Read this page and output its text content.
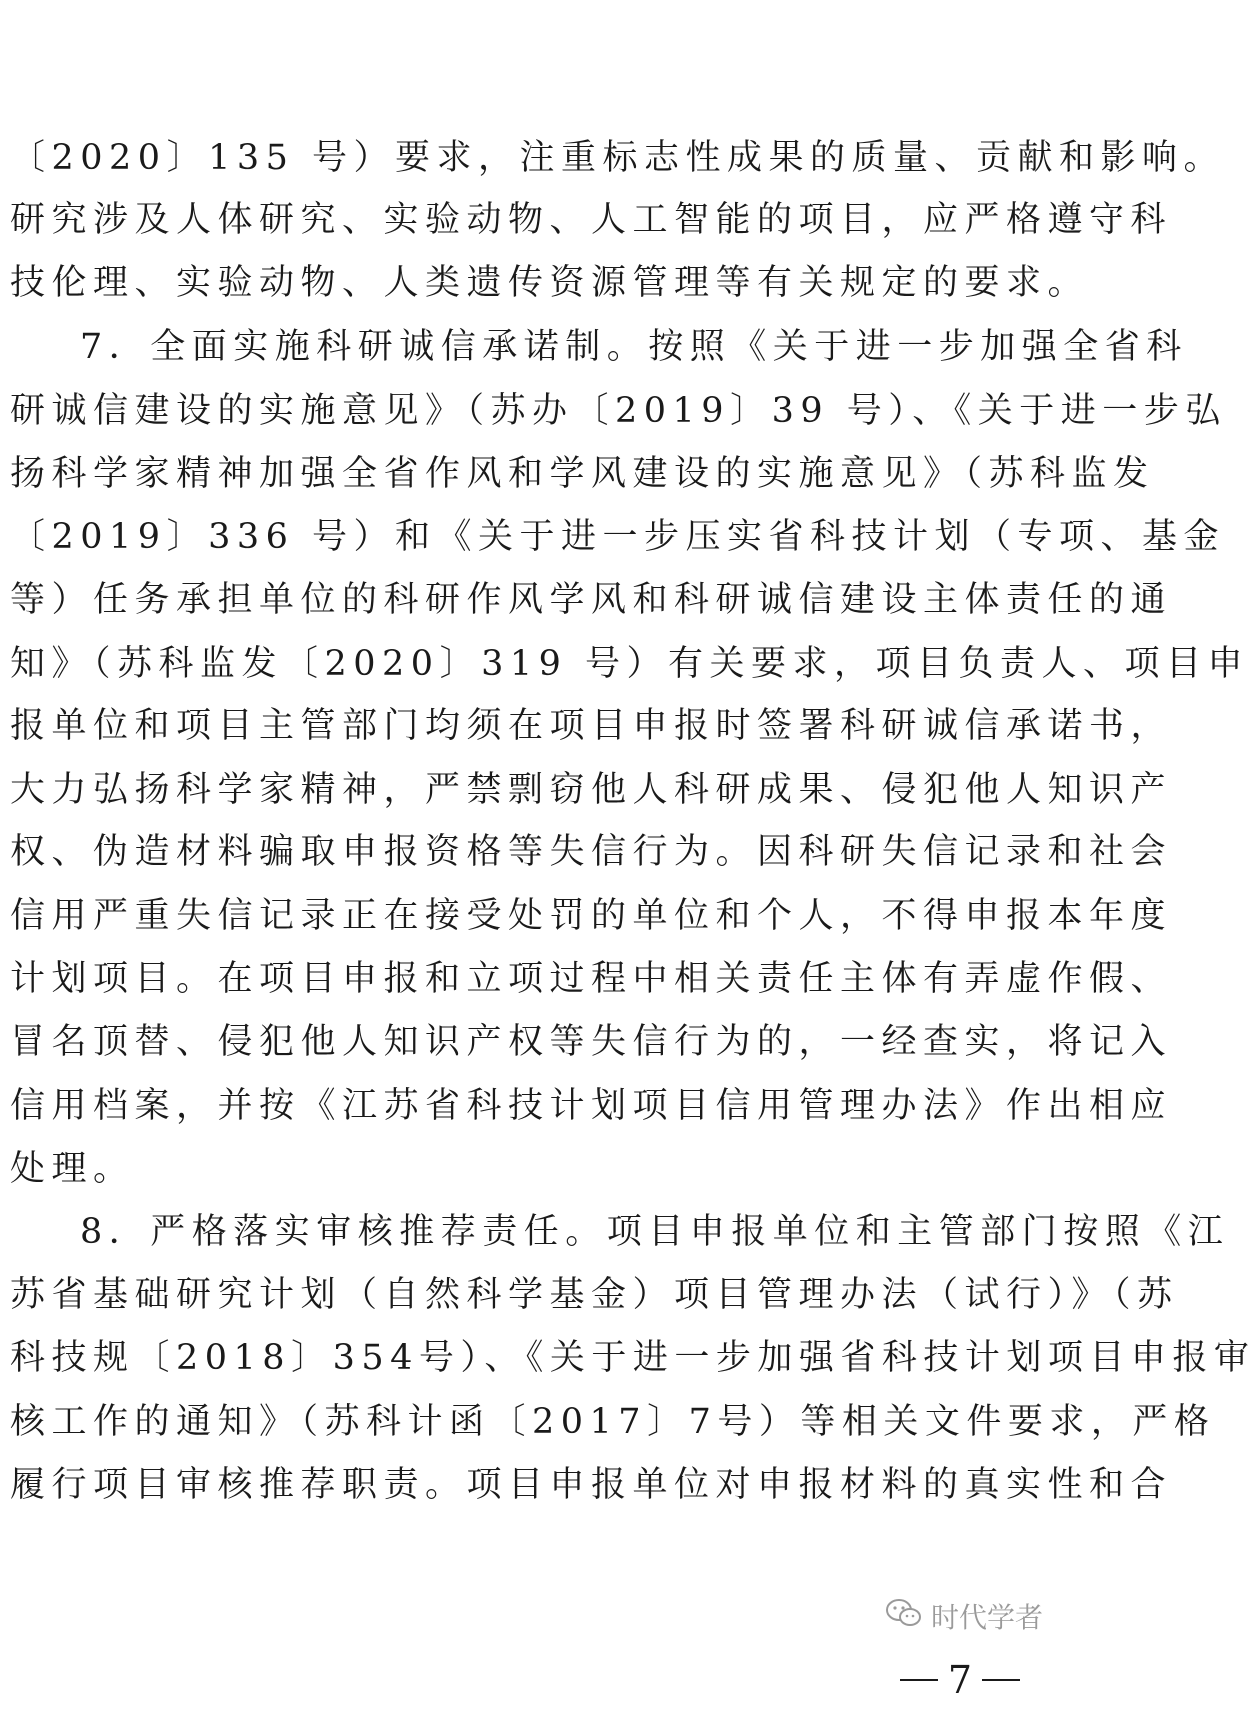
〔2020〕135 号）要求，注重标志性成果的质量、贡献和影响。
研究涉及人体研究、实验动物、人工智能的项目，应严格遵守科
技伦理、实验动物、人类遗传资源管理等有关规定的要求。
7．全面实施科研诚信承诺制。按照《关于进一步加强全省科
研诚信建设的实施意见》（苏办〔2019〕39 号）、《关于进一步弘
扬科学家精神加强全省作风和学风建设的实施意见》（苏科监发
〔2019〕336 号）和《关于进一步压实省科技计划（专项、基金
等）任务承担单位的科研作风学风和科研诚信建设主体责任的通
知》（苏科监发〔2020〕319 号）有关要求，项目负责人、项目申
报单位和项目主管部门均须在项目申报时签署科研诚信承诺书，
大力弘扬科学家精神，严禁剽窃他人科研成果、侵犯他人知识产
权、伪造材料骗取申报资格等失信行为。因科研失信记录和社会
信用严重失信记录正在接受处罚的单位和个人，不得申报本年度
计划项目。在项目申报和立项过程中相关责任主体有弄虚作假、
冒名顶替、侵犯他人知识产权等失信行为的，一经查实，将记入
信用档案，并按《江苏省科技计划项目信用管理办法》作出相应
处理。
8．严格落实审核推荐责任。项目申报单位和主管部门按照《江
苏省基础研究计划（自然科学基金）项目管理办法（试行）》（苏
科技规〔2018〕354号）、《关于进一步加强省科技计划项目申报审
核工作的通知》（苏科计函〔2017〕7号）等相关文件要求，严格
履行项目审核推荐职责。项目申报单位对申报材料的真实性和合
时代学者
7
